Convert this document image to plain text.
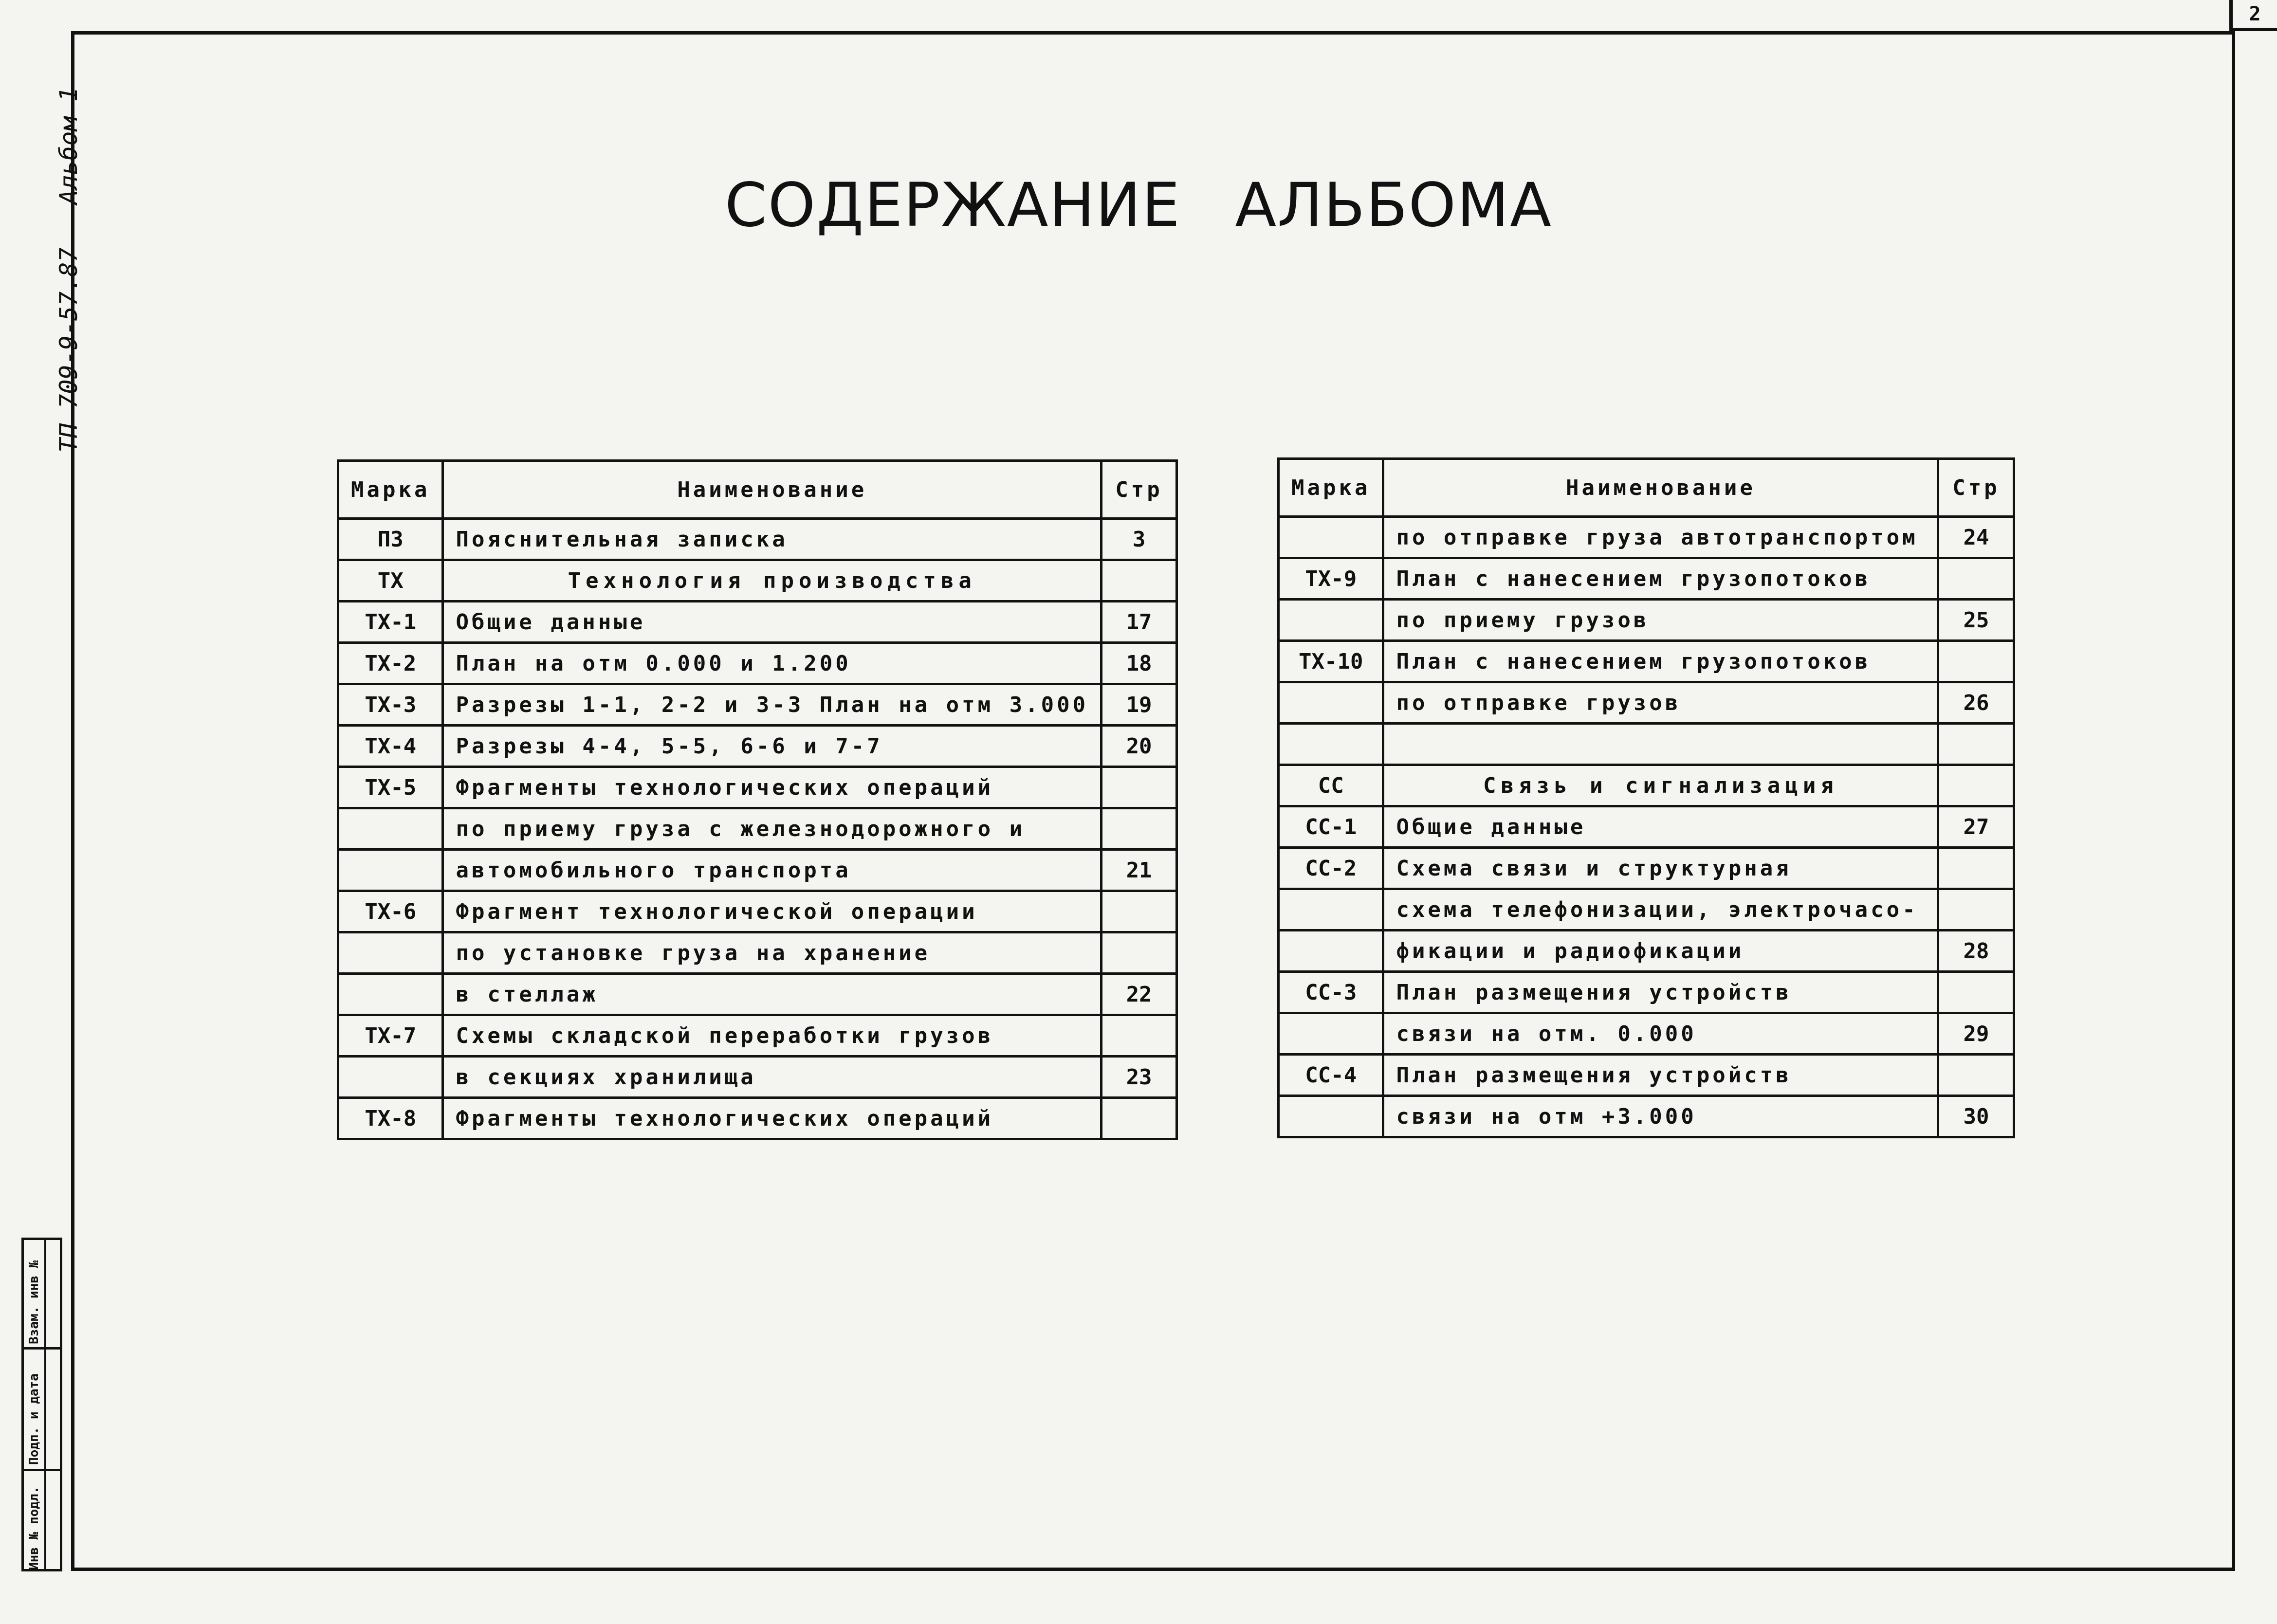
2
Альбом 1
ТП 709-9-57.87
Инв № подл.
Подп. и дата
Взам. инв №
СОДЕРЖАНИЕ АЛЬБОМА
Марка	Наименование	Стр
ПЗ	Пояснительная записка	3
ТХ	Технология производства	
ТХ-1	Общие данные	17
ТХ-2	План на отм 0.000 и 1.200	18
ТХ-3	Разрезы 1-1, 2-2 и 3-3 План на отм 3.000	19
ТХ-4	Разрезы 4-4, 5-5, 6-6 и 7-7	20
ТХ-5	Фрагменты технологических операций	
	по приему груза с железнодорожного и	
	автомобильного транспорта	21
ТХ-6	Фрагмент технологической операции	
	по установке груза на хранение	
	в стеллаж	22
ТХ-7	Схемы складской переработки грузов	
	в секциях хранилища	23
ТХ-8	Фрагменты технологических операций	
Марка	Наименование	Стр
	по отправке груза автотранспортом	24
ТХ-9	План с нанесением грузопотоков	
	по приему грузов	25
ТХ-10	План с нанесением грузопотоков	
	по отправке грузов	26

СС	Связь и сигнализация	
СС-1	Общие данные	27
СС-2	Схема связи и структурная	
	схема телефонизации, электрочасо-	
	фикации и радиофикации	28
СС-3	План размещения устройств	
	связи на отм. 0.000	29
СС-4	План размещения устройств	
	связи на отм +3.000	30
